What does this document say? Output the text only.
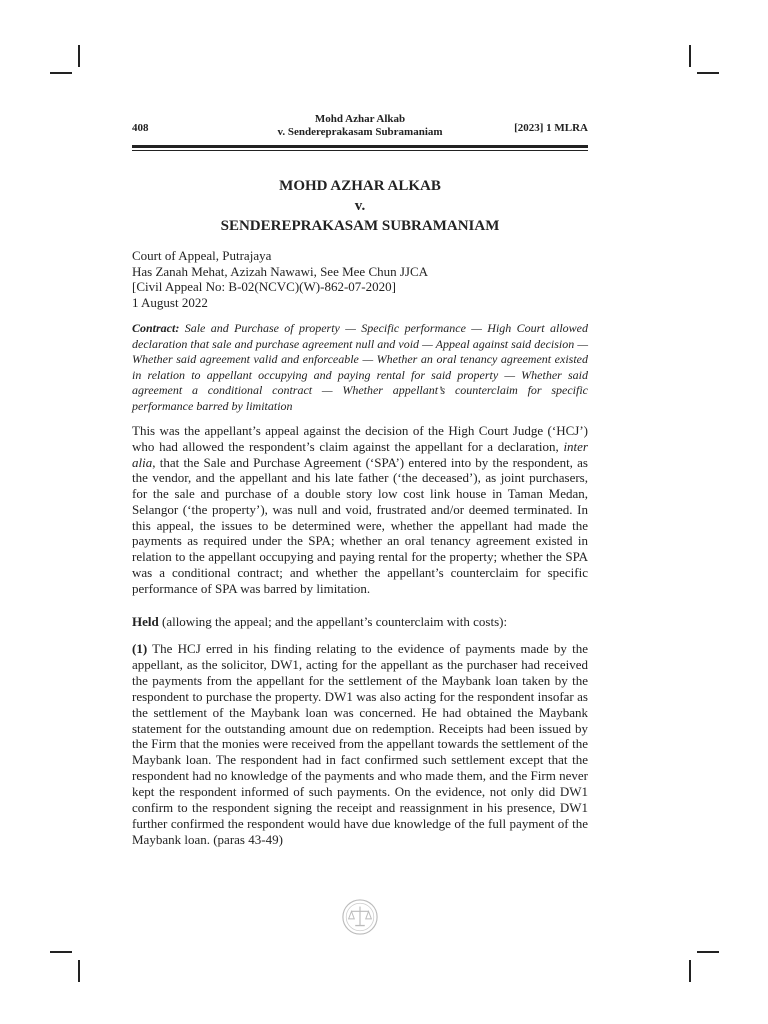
408
Mohd Azhar Alkab
v. Sendereprakasam Subramaniam	[2023] 1 MLRA
MOHD AZHAR ALKAB
v.
SENDEREPRAKASAM SUBRAMANIAM
Court of Appeal, Putrajaya
Has Zanah Mehat, Azizah Nawawi, See Mee Chun JJCA
[Civil Appeal No: B-02(NCVC)(W)-862-07-2020]
1 August 2022
Contract: Sale and Purchase of property — Specific performance — High Court allowed declaration that sale and purchase agreement null and void — Appeal against said decision — Whether said agreement valid and enforceable — Whether an oral tenancy agreement existed in relation to appellant occupying and paying rental for said property — Whether said agreement a conditional contract — Whether appellant’s counterclaim for specific performance barred by limitation
This was the appellant’s appeal against the decision of the High Court Judge (‘HCJ’) who had allowed the respondent’s claim against the appellant for a declaration, inter alia, that the Sale and Purchase Agreement (‘SPA’) entered into by the respondent, as the vendor, and the appellant and his late father (‘the deceased’), as joint purchasers, for the sale and purchase of a double story low cost link house in Taman Medan, Selangor (‘the property’), was null and void, frustrated and/or deemed terminated. In this appeal, the issues to be determined were, whether the appellant had made the payments as required under the SPA; whether an oral tenancy agreement existed in relation to the appellant occupying and paying rental for the property; whether the SPA was a conditional contract; and whether the appellant’s counterclaim for specific performance of SPA was barred by limitation.
Held (allowing the appeal; and the appellant’s counterclaim with costs):
(1) The HCJ erred in his finding relating to the evidence of payments made by the appellant, as the solicitor, DW1, acting for the appellant as the purchaser had received the payments from the appellant for the settlement of the Maybank loan taken by the respondent to purchase the property. DW1 was also acting for the respondent insofar as the settlement of the Maybank loan was concerned. He had obtained the Maybank statement for the outstanding amount due on redemption. Receipts had been issued by the Firm that the monies were received from the appellant towards the settlement of the Maybank loan. The respondent had in fact confirmed such settlement except that the respondent had no knowledge of the payments and who made them, and the Firm never kept the respondent informed of such payments. On the evidence, not only did DW1 confirm to the respondent signing the receipt and reassignment in his presence, DW1 further confirmed the respondent would have due knowledge of the full payment of the Maybank loan. (paras 43-49)
